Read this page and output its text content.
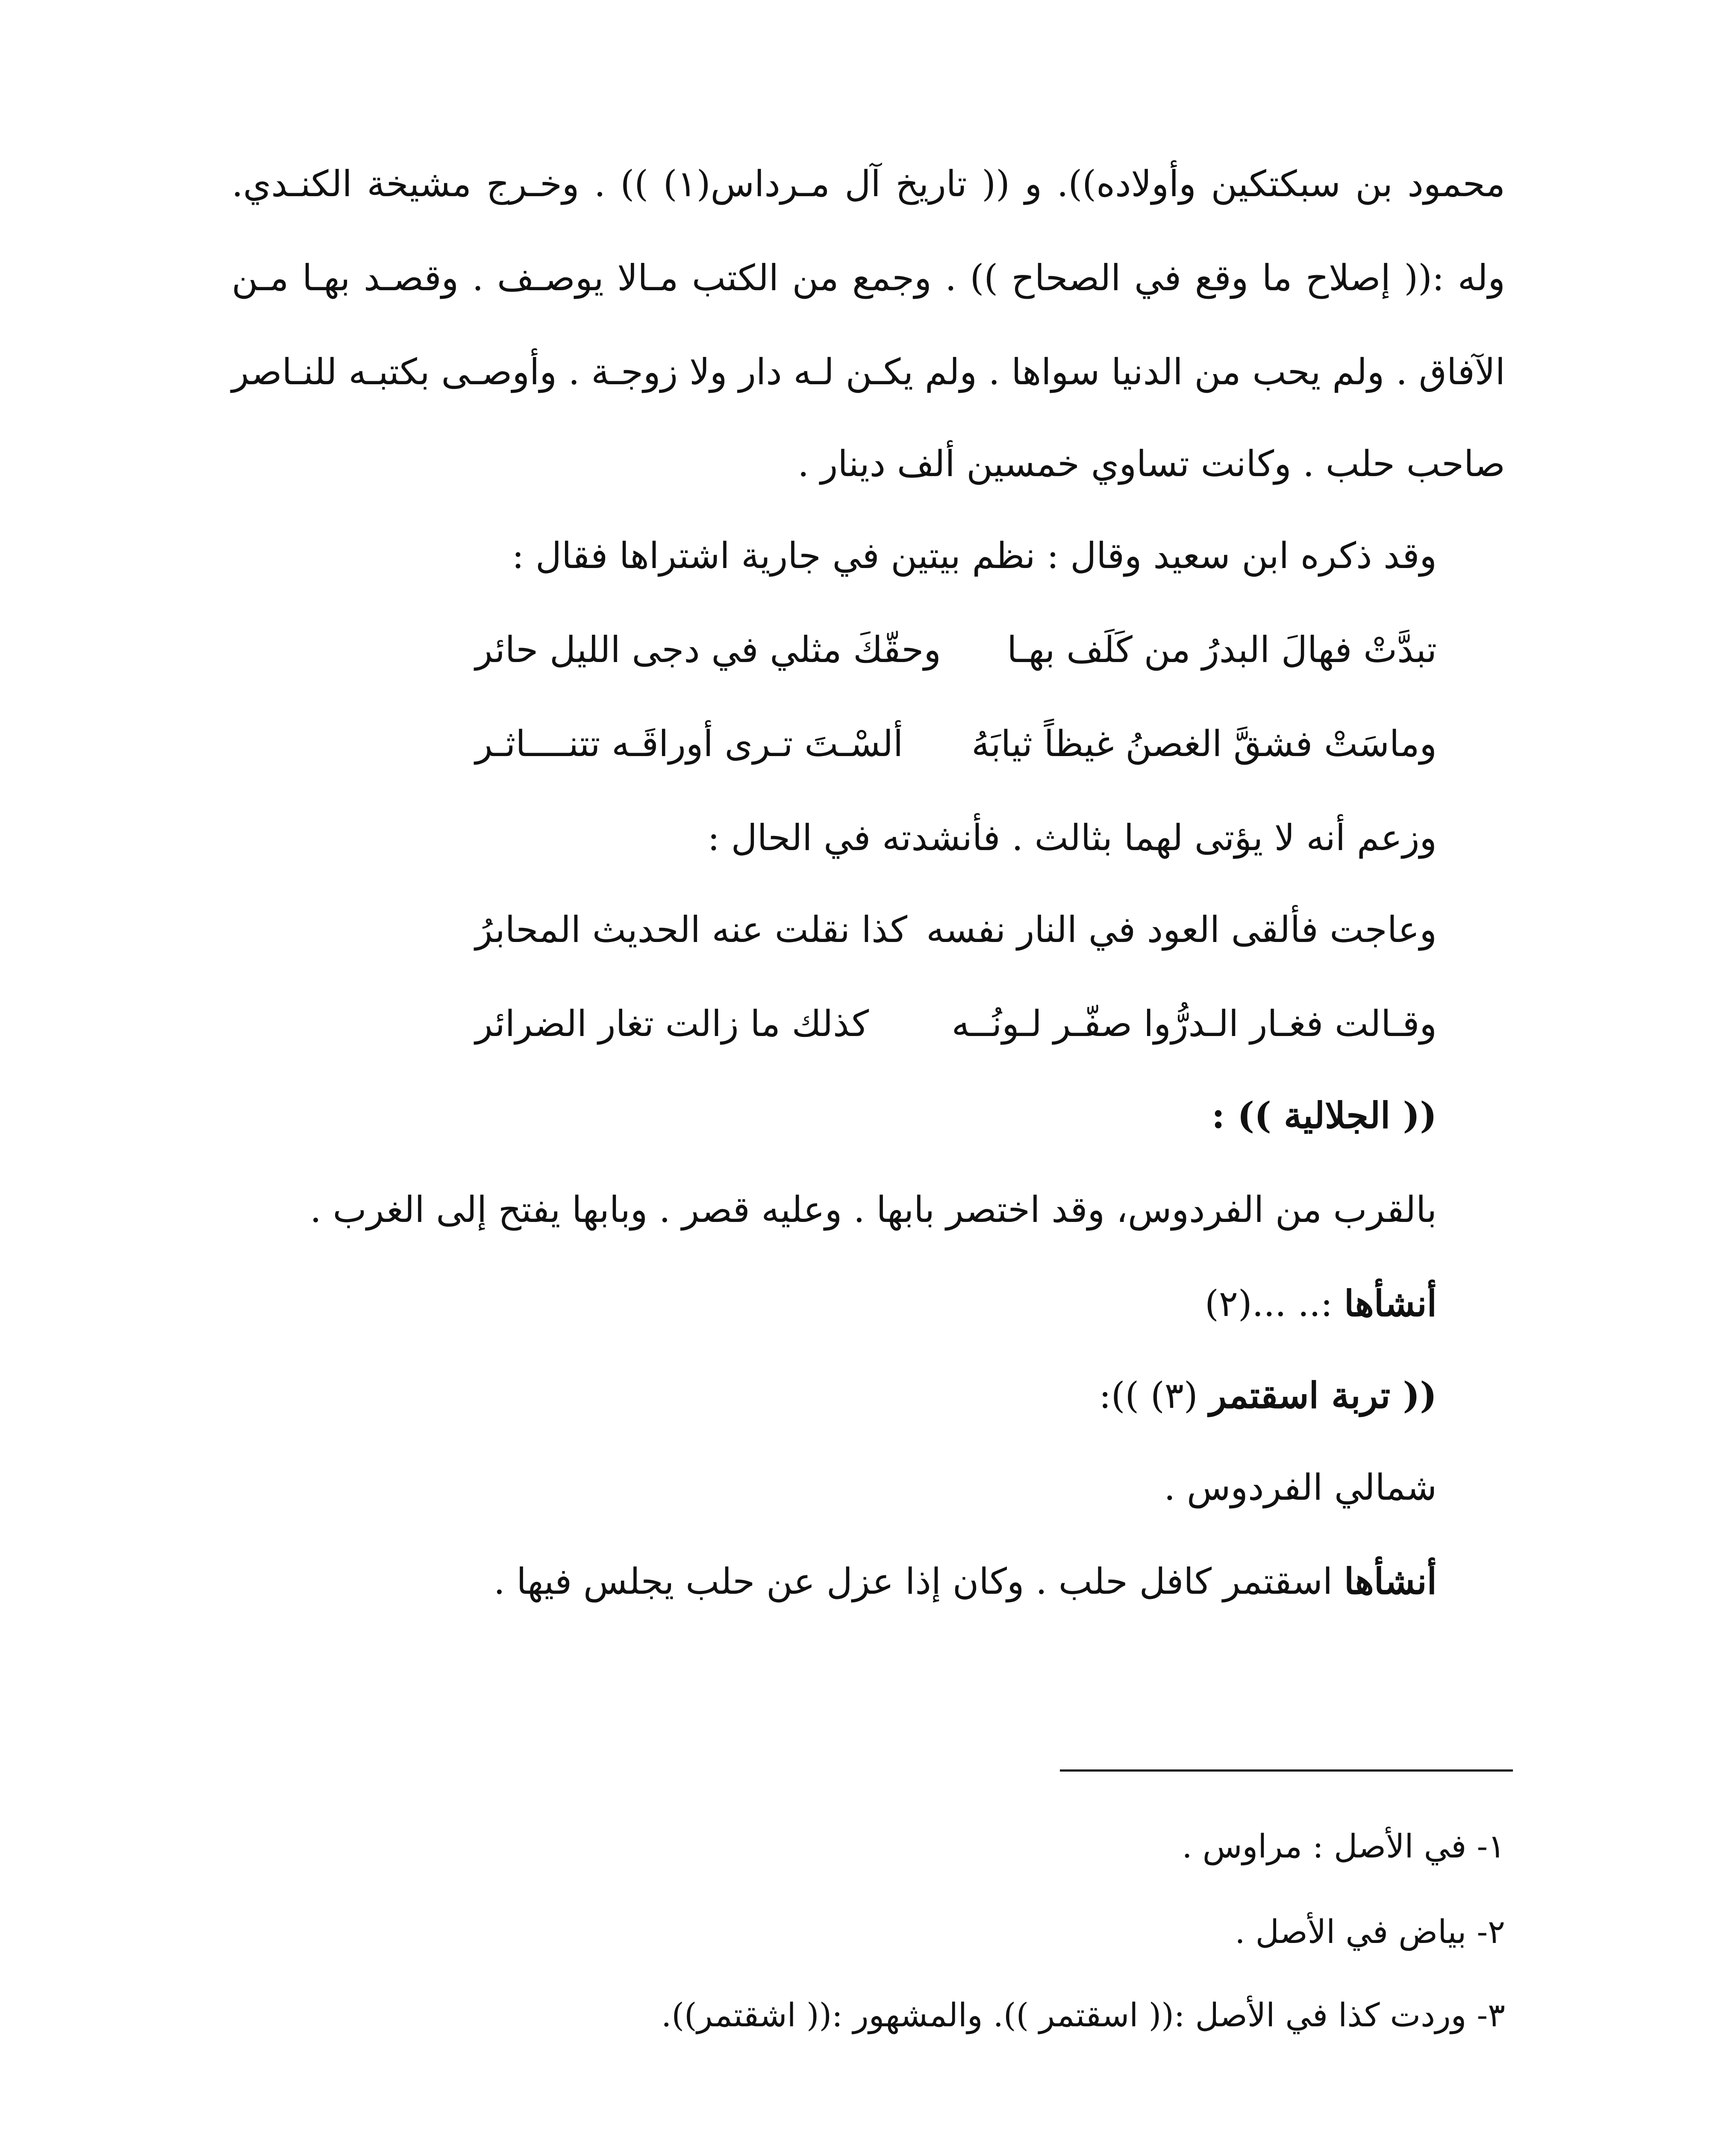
محمود بن سبكتكين وأولاده)). و (( تاريخ آل مـرداس(١) )) . وخـرج مشيخة الكنـدي.
وله :(( إصلاح ما وقع في الصحاح )) . وجمع من الكتب مـالا يوصـف . وقصـد بهـا مـن
الآفاق . ولم يحب من الدنيا سواها . ولم يكـن لـه دار ولا زوجـة . وأوصـى بكتبـه للنـاصر
صاحب حلب . وكانت تساوي خمسين ألف دينار .
وقد ذكره ابن سعيد وقال : نظم بيتين في جارية اشتراها فقال :
تبدَّتْ فهالَ البدرُ من كَلَف بهـا
وحقّكَ مثلي في دجى الليل حائر
وماسَتْ فشقَّ الغصنُ غيظاً ثيابَهُ
ألسْـتَ تـرى أوراقَـه تتنــــاثـر
وزعم أنه لا يؤتى لهما بثالث . فأنشدته في الحال :
وعاجت فألقى العود في النار نفسه
كذا نقلت عنه الحديث المحابرُ
وقـالت فغـار الـدرُّوا صفّـر لـونُــه
كذلك ما زالت تغار الضرائر
(( الجلالية )) :
بالقرب من الفردوس، وقد اختصر بابها . وعليه قصر . وبابها يفتح إلى الغرب .
أنشأها :.. ...(٢)
(( تربة اسقتمر (٣) )):
شمالي الفردوس .
أنشأها اسقتمر كافل حلب . وكان إذا عزل عن حلب يجلس فيها .
١- في الأصل : مراوس .
٢- بياض في الأصل .
٣- وردت كذا في الأصل :(( اسقتمر )). والمشهور :(( اشقتمر)).
